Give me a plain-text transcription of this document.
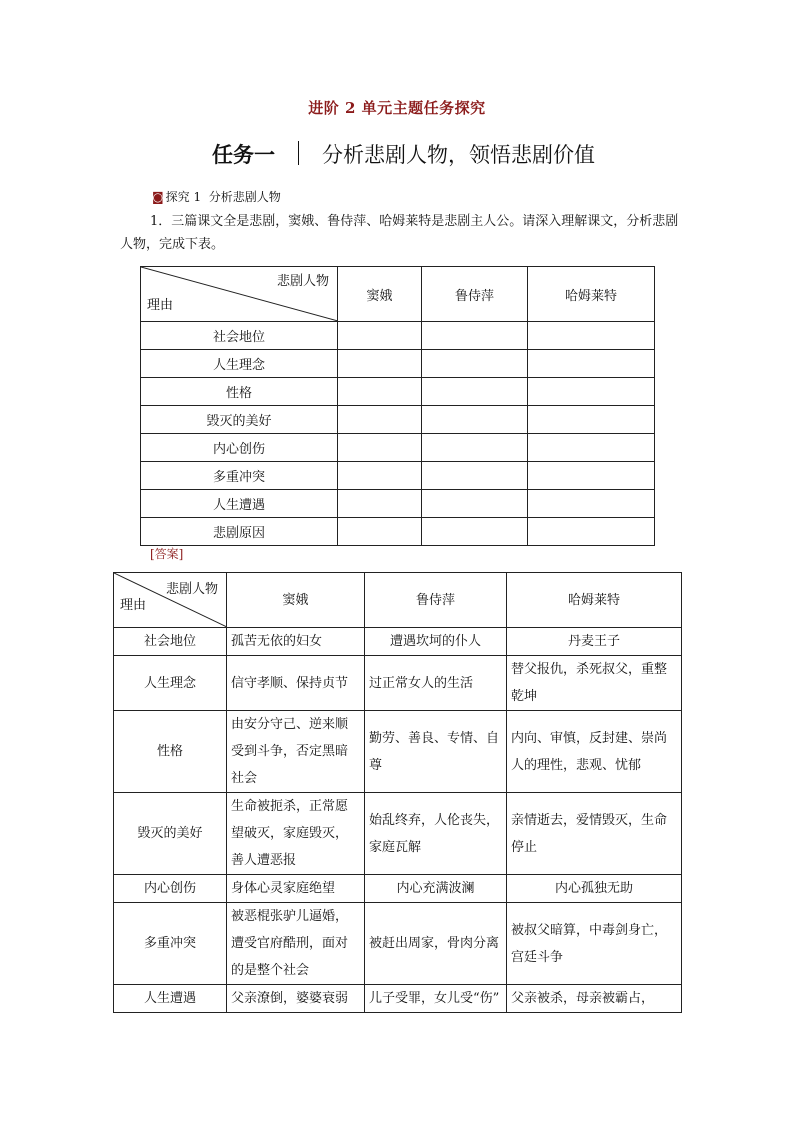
进阶 2 单元主题任务探究
任务一 分析悲剧人物，领悟悲剧价值
◙ 探究 1 分析悲剧人物
1．三篇课文全是悲剧，窦娥、鲁侍萍、哈姆莱特是悲剧主人公。请深入理解课文，分析悲剧人物，完成下表。
悲剧人物
理由	窦娥	鲁侍萍	哈姆莱特
社会地位			
人生理念			
性格			
毁灭的美好			
内心创伤			
多重冲突			
人生遭遇			
悲剧原因			
[答案]
悲剧人物
理由	窦娥	鲁侍萍	哈姆莱特
社会地位	孤苦无依的妇女	遭遇坎坷的仆人	丹麦王子
人生理念	信守孝顺、保持贞节	过正常女人的生活	替父报仇，杀死叔父，重整乾坤
性格	由安分守己、逆来顺受到斗争，否定黑暗社会	勤劳、善良、专情、自尊	内向、审慎，反封建、崇尚人的理性，悲观、忧郁
毁灭的美好	生命被扼杀，正常愿望破灭，家庭毁灭，善人遭恶报	始乱终弃，人伦丧失，家庭瓦解	亲情逝去，爱情毁灭，生命停止
内心创伤	身体心灵家庭绝望	内心充满波澜	内心孤独无助
多重冲突	被恶棍张驴儿逼婚，遭受官府酷刑，面对的是整个社会	被赶出周家，骨肉分离	被叔父暗算，中毒剑身亡，宫廷斗争
人生遭遇	父亲潦倒，婆婆衰弱	儿子受罪，女儿受“伤”	父亲被杀，母亲被霸占，
